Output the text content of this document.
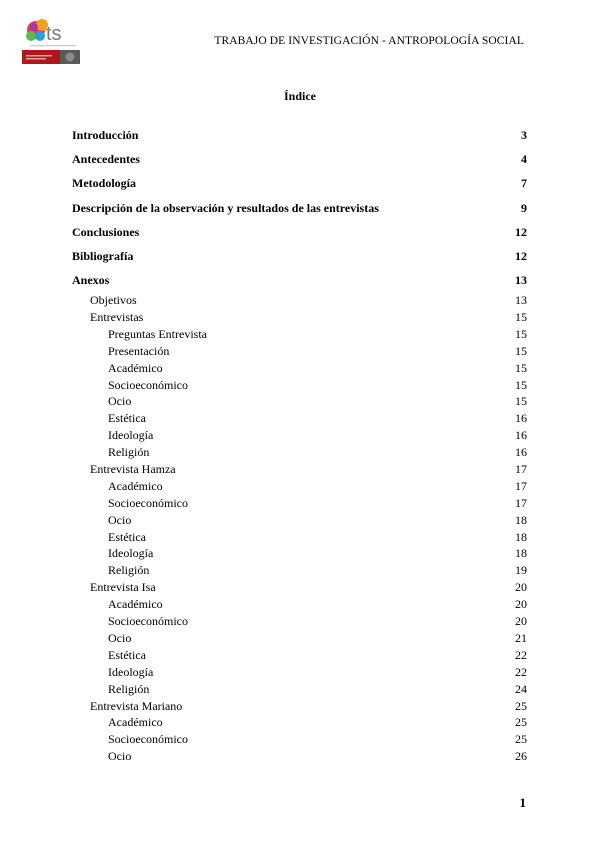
ts	TRABAJO DE INVESTIGACIÓN - ANTROPOLOGÍA SOCIAL
Índice
Introducción	3
Antecedentes	4
Metodología	7
Descripción de la observación y resultados de las entrevistas	9
Conclusiones	12
Bibliografía	12
Anexos	13
Objetivos	13
Entrevistas	15
Preguntas Entrevista	15
Presentación	15
Académico	15
Socioeconómico	15
Ocio	15
Estética	16
Ideología	16
Religión	16
Entrevista Hamza	17
Académico	17
Socioeconómico	17
Ocio	18
Estética	18
Ideología	18
Religión	19
Entrevista Isa	20
Académico	20
Socioeconómico	20
Ocio	21
Estética	22
Ideología	22
Religión	24
Entrevista Mariano	25
Académico	25
Socioeconómico	25
Ocio	26
1
